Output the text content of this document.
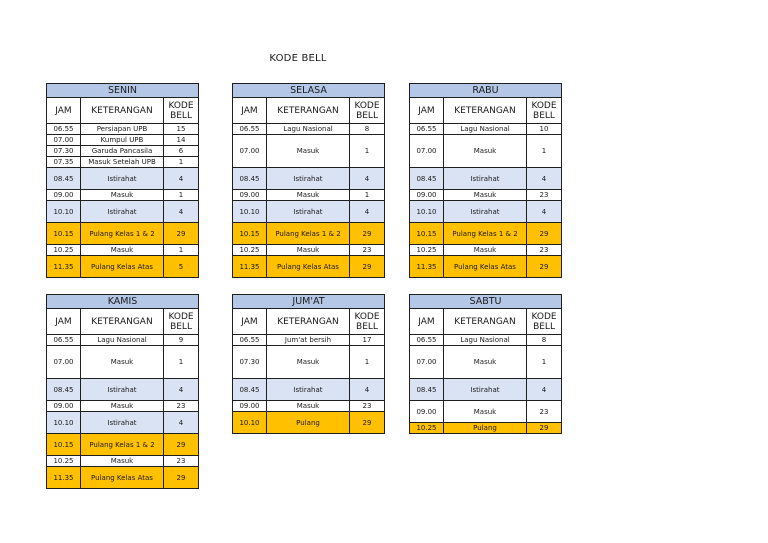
KODE BELL
SENIN		
JAM	KETERANGAN	KODE
BELL

06.55	Persiapan UPB	15
07.00	Kumpul UPB	14
07.30	Garuda Pancasila	6
07.35	Masuk Setelah UPB	1
08.45	Istirahat	4
09.00	Masuk	1
10.10	Istirahat	4
10.15	Pulang Kelas 1 & 2	29
10.25	Masuk	1
11.35	Pulang Kelas Atas	5
SELASA		
JAM	KETERANGAN	KODE
BELL

06.55	Lagu Nasional	8
07.00	Masuk	1
08.45	Istirahat	4
09.00	Masuk	1
10.10	Istirahat	4
10.15	Pulang Kelas 1 & 2	29
10.25	Masuk	23
11.35	Pulang Kelas Atas	29
RABU		
JAM	KETERANGAN	KODE
BELL

06.55	Lagu Nasional	10
07.00	Masuk	1
08.45	Istirahat	4
09.00	Masuk	23
10.10	Istirahat	4
10.15	Pulang Kelas 1 & 2	29
10.25	Masuk	23
11.35	Pulang Kelas Atas	29
KAMIS		
JAM	KETERANGAN	KODE
BELL

06.55	Lagu Nasional	9
07.00	Masuk	1
08.45	Istirahat	4
09.00	Masuk	23
10.10	Istirahat	4
10.15	Pulang Kelas 1 & 2	29
10.25	Masuk	23
11.35	Pulang Kelas Atas	29
JUM'AT		
JAM	KETERANGAN	KODE
BELL

06.55	Jum'at bersih	17
07.30	Masuk	1
08.45	Istirahat	4
09.00	Masuk	23
10.10	Pulang	29
SABTU		
JAM	KETERANGAN	KODE
BELL

06.55	Lagu Nasional	8
07.00	Masuk	1
08.45	Istirahat	4
09.00	Masuk	23
10.25	Pulang	29
